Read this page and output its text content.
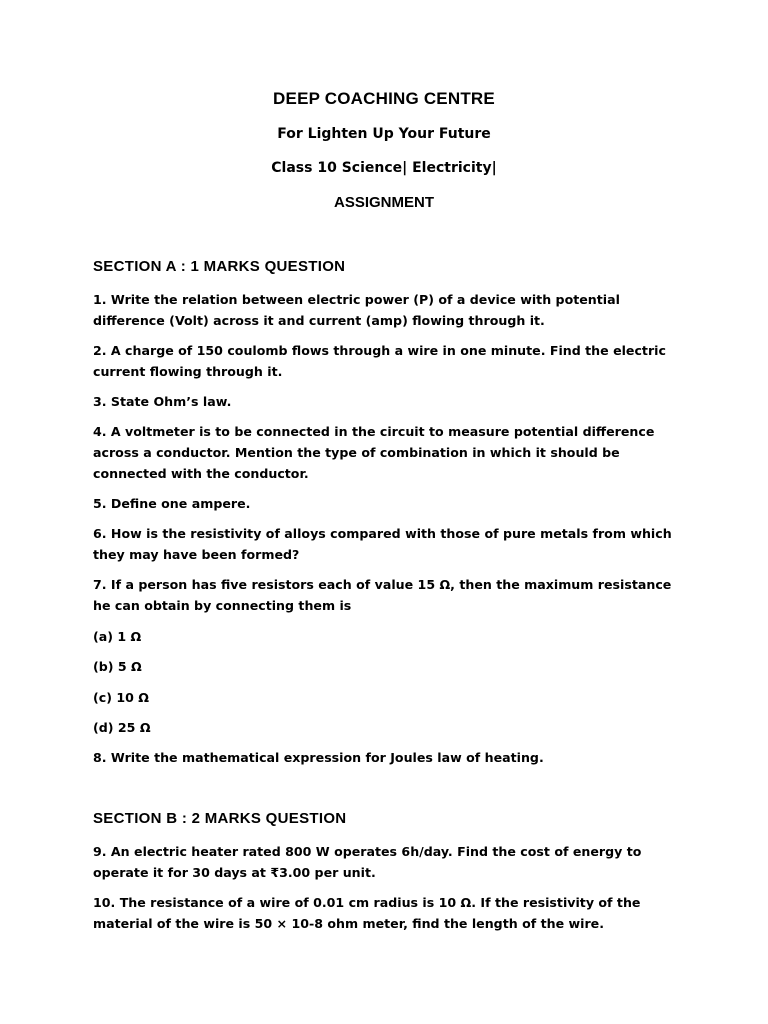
DEEP COACHING CENTRE
For Lighten Up Your Future
Class 10 Science| Electricity|
ASSIGNMENT
SECTION A : 1 MARKS QUESTION

1. Write the relation between electric power (P) of a device with potential difference (Volt) across it and current (amp) flowing through it.

2. A charge of 150 coulomb flows through a wire in one minute. Find the electric current flowing through it.

3. State Ohm’s law.

4. A voltmeter is to be connected in the circuit to measure potential difference across a conductor. Mention the type of combination in which it should be connected with the conductor.

5. Define one ampere.

6. How is the resistivity of alloys compared with those of pure metals from which they may have been formed?

7. If a person has five resistors each of value 15 Ω, then the maximum resistance he can obtain by connecting them is

(a) 1 Ω

(b) 5 Ω

(c) 10 Ω

(d) 25 Ω

8. Write the mathematical expression for Joules law of heating.

SECTION B : 2 MARKS QUESTION

9. An electric heater rated 800 W operates 6h/day. Find the cost of energy to operate it for 30 days at ₹3.00 per unit.

10. The resistance of a wire of 0.01 cm radius is 10 Ω. If the resistivity of the material of the wire is 50 × 10-8 ohm meter, find the length of the wire.
